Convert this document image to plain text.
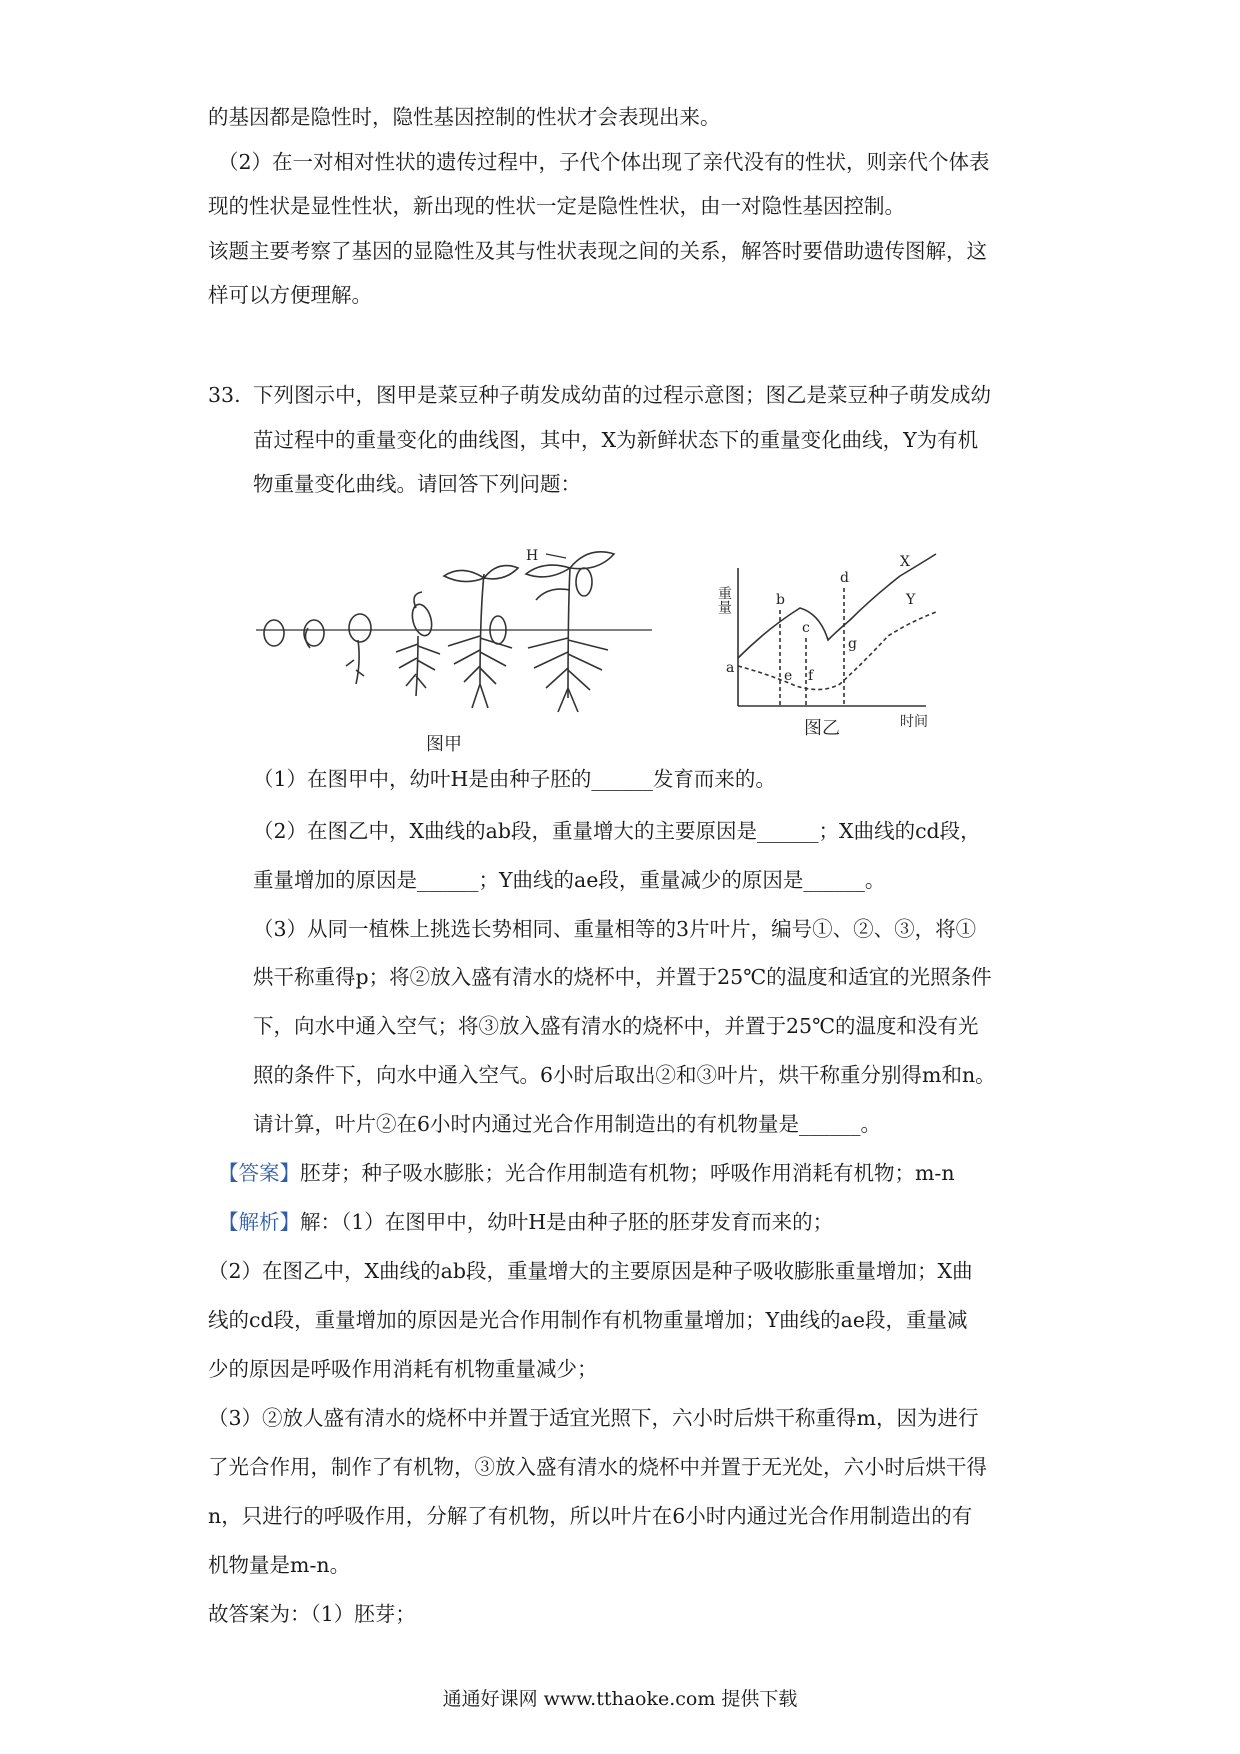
的基因都是隐性时，隐性基因控制的性状才会表现出来。
（2）在一对相对性状的遗传过程中，子代个体出现了亲代没有的性状，则亲代个体表
现的性状是显性性状，新出现的性状一定是隐性性状，由一对隐性基因控制。
该题主要考察了基因的显隐性及其与性状表现之间的关系，解答时要借助遗传图解，这
样可以方便理解。
33. 下列图示中，图甲是菜豆种子萌发成幼苗的过程示意图；图乙是菜豆种子萌发成幼
苗过程中的重量变化的曲线图，其中，X为新鲜状态下的重量变化曲线，Y为有机
物重量变化曲线。请回答下列问题：
H
图甲
重量
时间
X
Y
a
b
c
d
e f
g
图乙
（1）在图甲中，幼叶H是由种子胚的______发育而来的。
（2）在图乙中，X曲线的ab段，重量增大的主要原因是______；X曲线的cd段，
重量增加的原因是______；Y曲线的ae段，重量减少的原因是______。
（3）从同一植株上挑选长势相同、重量相等的3片叶片，编号①、②、③，将①
烘干称重得p；将②放入盛有清水的烧杯中，并置于25℃的温度和适宜的光照条件
下，向水中通入空气；将③放入盛有清水的烧杯中，并置于25℃的温度和没有光
照的条件下，向水中通入空气。6小时后取出②和③叶片，烘干称重分别得m和n。
请计算，叶片②在6小时内通过光合作用制造出的有机物量是______。
【答案】胚芽；种子吸水膨胀；光合作用制造有机物；呼吸作用消耗有机物；m-n
【解析】解：（1）在图甲中，幼叶H是由种子胚的胚芽发育而来的；
（2）在图乙中，X曲线的ab段，重量增大的主要原因是种子吸收膨胀重量增加；X曲
线的cd段，重量增加的原因是光合作用制作有机物重量增加；Y曲线的ae段，重量减
少的原因是呼吸作用消耗有机物重量减少；
（3）②放人盛有清水的烧杯中并置于适宜光照下，六小时后烘干称重得m，因为进行
了光合作用，制作了有机物，③放入盛有清水的烧杯中并置于无光处，六小时后烘干得
n，只进行的呼吸作用，分解了有机物，所以叶片在6小时内通过光合作用制造出的有
机物量是m-n。
故答案为：（1）胚芽；
通通好课网 www.tthaoke.com 提供下载
